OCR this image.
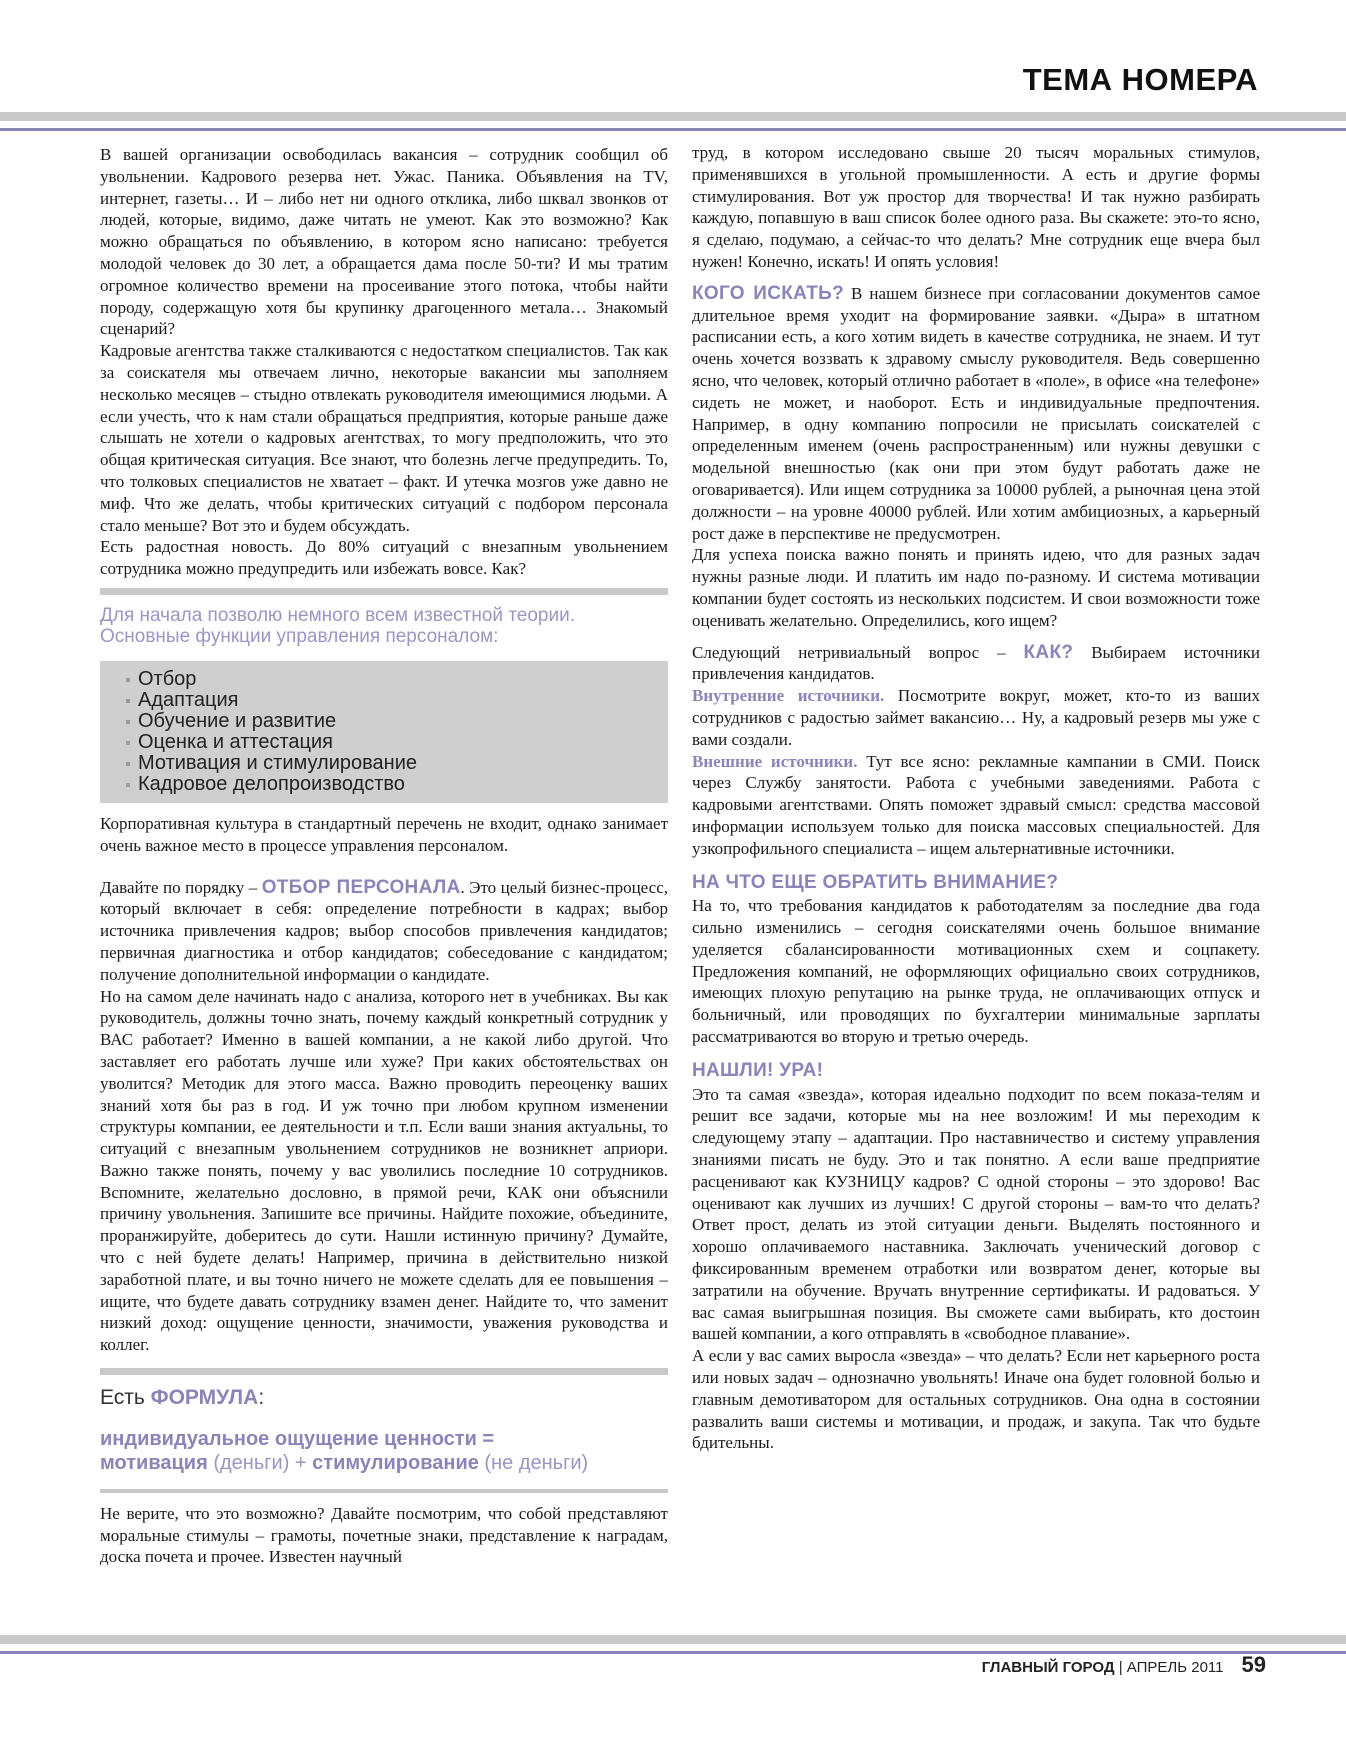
ТЕМА НОМЕРА

В вашей организации освободилась вакансия – сотрудник сообщил об увольнении. Кадрового резерва нет. Ужас. Паника. Объявления на TV, интернет, газеты… И – либо нет ни одного отклика, либо шквал звонков от людей, которые, видимо, даже читать не умеют. Как это возможно? Как можно обращаться по объявлению, в котором ясно написано: требуется молодой человек до 30 лет, а обращается дама после 50-ти? И мы тратим огромное количество времени на просеивание этого потока, чтобы найти породу, содержащую хотя бы крупинку драгоценного метала… Знакомый сценарий?

Кадровые агентства также сталкиваются с недостатком специалистов. Так как за соискателя мы отвечаем лично, некоторые вакансии мы заполняем несколько месяцев – стыдно отвлекать руководителя имеющимися людьми. А если учесть, что к нам стали обращаться предприятия, которые раньше даже слышать не хотели о кадровых агентствах, то могу предположить, что это общая критическая ситуация. Все знают, что болезнь легче предупредить. То, что толковых специалистов не хватает – факт. И утечка мозгов уже давно не миф. Что же делать, чтобы критических ситуаций с подбором персонала стало меньше? Вот это и будем обсуждать.

Есть радостная новость. До 80% ситуаций с внезапным увольнением сотрудника можно предупредить или избежать вовсе. Как?

Для начала позволю немного всем известной теории. Основные функции управления персоналом:
Отбор
Адаптация
Обучение и развитие
Оценка и аттестация
Мотивация и стимулирование
Кадровое делопроизводство

Корпоративная культура в стандартный перечень не входит, однако занимает очень важное место в процессе управления персоналом.

Давайте по порядку – ОТБОР ПЕРСОНАЛА. Это целый бизнес-процесс, который включает в себя: определение потребности в кадрах; выбор источника привлечения кадров; выбор способов привлечения кандидатов; первичная диагностика и отбор кандидатов; собеседование с кандидатом; получение дополнительной информации о кандидате.

Но на самом деле начинать надо с анализа, которого нет в учебниках. Вы как руководитель, должны точно знать, почему каждый конкретный сотрудник у ВАС работает? Именно в вашей компании, а не какой либо другой. Что заставляет его работать лучше или хуже? При каких обстоятельствах он уволится? Методик для этого масса. Важно проводить переоценку ваших знаний хотя бы раз в год. И уж точно при любом крупном изменении структуры компании, ее деятельности и т.п. Если ваши знания актуальны, то ситуаций с внезапным увольнением сотрудников не возникнет априори. Важно также понять, почему у вас уволились последние 10 сотрудников. Вспомните, желательно дословно, в прямой речи, КАК они объяснили причину увольнения. Запишите все причины. Найдите похожие, объедините, проранжируйте, доберитесь до сути. Нашли истинную причину? Думайте, что с ней будете делать! Например, причина в действительно низкой заработной плате, и вы точно ничего не можете сделать для ее повышения – ищите, что будете давать сотруднику взамен денег. Найдите то, что заменит низкий доход: ощущение ценности, значимости, уважения руководства и коллег.

Есть ФОРМУЛА:
индивидуальное ощущение ценности =
мотивация (деньги) + стимулирование (не деньги)

Не верите, что это возможно? Давайте посмотрим, что собой представляют моральные стимулы – грамоты, почетные знаки, представление к наградам, доска почета и прочее. Известен научный

труд, в котором исследовано свыше 20 тысяч моральных стимулов, применявшихся в угольной промышленности. А есть и другие формы стимулирования. Вот уж простор для творчества! И так нужно разбирать каждую, попавшую в ваш список более одного раза. Вы скажете: это-то ясно, я сделаю, подумаю, а сейчас-то что делать? Мне сотрудник еще вчера был нужен! Конечно, искать! И опять условия!

КОГО ИСКАТЬ? В нашем бизнесе при согласовании документов самое длительное время уходит на формирование заявки. «Дыра» в штатном расписании есть, а кого хотим видеть в качестве сотрудника, не знаем. И тут очень хочется воззвать к здравому смыслу руководителя. Ведь совершенно ясно, что человек, который отлично работает в «поле», в офисе «на телефоне» сидеть не может, и наоборот. Есть и индивидуальные предпочтения. Например, в одну компанию попросили не присылать соискателей с определенным именем (очень распространенным) или нужны девушки с модельной внешностью (как они при этом будут работать даже не оговаривается). Или ищем сотрудника за 10000 рублей, а рыночная цена этой должности – на уровне 40000 рублей. Или хотим амбициозных, а карьерный рост даже в перспективе не предусмотрен.

Для успеха поиска важно понять и принять идею, что для разных задач нужны разные люди. И платить им надо по-разному. И система мотивации компании будет состоять из нескольких подсистем. И свои возможности тоже оценивать желательно. Определились, кого ищем?

Следующий нетривиальный вопрос – КАК? Выбираем источники привлечения кандидатов.

Внутренние источники. Посмотрите вокруг, может, кто-то из ваших сотрудников с радостью займет вакансию… Ну, а кадровый резерв мы уже с вами создали.

Внешние источники. Тут все ясно: рекламные кампании в СМИ. Поиск через Службу занятости. Работа с учебными заведениями. Работа с кадровыми агентствами. Опять поможет здравый смысл: средства массовой информации используем только для поиска массовых специальностей. Для узкопрофильного специалиста – ищем альтернативные источники.

НА ЧТО ЕЩЕ ОБРАТИТЬ ВНИМАНИЕ?

На то, что требования кандидатов к работодателям за последние два года сильно изменились – сегодня соискателями очень большое внимание уделяется сбалансированности мотивационных схем и соцпакету. Предложения компаний, не оформляющих официально своих сотрудников, имеющих плохую репутацию на рынке труда, не оплачивающих отпуск и больничный, или проводящих по бухгалтерии минимальные зарплаты рассматриваются во вторую и третью очередь.

НАШЛИ! УРА!

Это та самая «звезда», которая идеально подходит по всем показа-телям и решит все задачи, которые мы на нее возложим! И мы переходим к следующему этапу – адаптации. Про наставничество и систему управления знаниями писать не буду. Это и так понятно. А если ваше предприятие расценивают как КУЗНИЦУ кадров? С одной стороны – это здорово! Вас оценивают как лучших из лучших! С другой стороны – вам-то что делать? Ответ прост, делать из этой ситуации деньги. Выделять постоянного и хорошо оплачиваемого наставника. Заключать ученический договор с фиксированным временем отработки или возвратом денег, которые вы затратили на обучение. Вручать внутренние сертификаты. И радоваться. У вас самая выигрышная позиция. Вы сможете сами выбирать, кто достоин вашей компании, а кого отправлять в «свободное плавание».

А если у вас самих выросла «звезда» – что делать? Если нет карьерного роста или новых задач – однозначно увольнять! Иначе она будет головной болью и главным демотиватором для остальных сотрудников. Она одна в состоянии развалить ваши системы и мотивации, и продаж, и закупа. Так что будьте бдительны.

ГЛАВНЫЙ ГОРОД | АПРЕЛЬ 2011 59
